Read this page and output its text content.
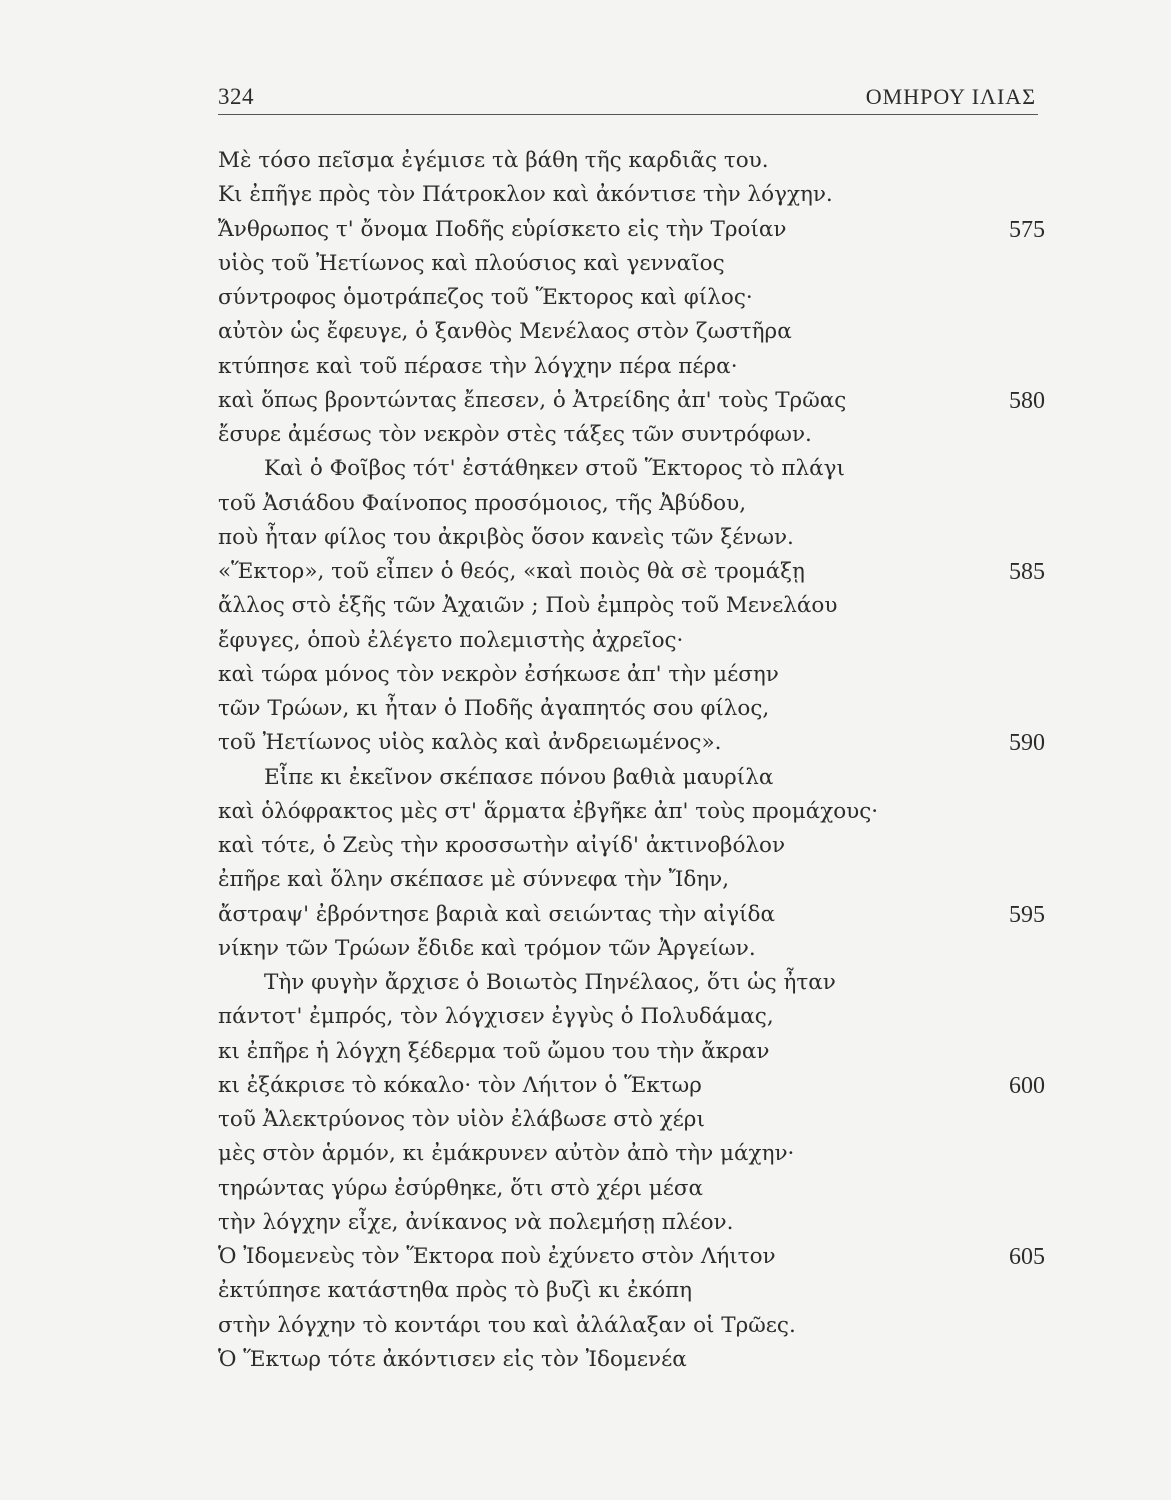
324	ΟΜΗΡΟΥ ΙΛΙΑΣ
Μὲ τόσο πεῖσμα ἐγέμισε τὰ βάθη τῆς καρδιᾶς του.
Κι ἐπῆγε πρὸς τὸν Πάτροκλον καὶ ἀκόντισε τὴν λόγχην.
Ἄνθρωπος τ' ὄνομα Ποδῆς εὑρίσκετο εἰς τὴν Τροίαν	575
υἱὸς τοῦ Ἠετίωνος καὶ πλούσιος καὶ γενναῖος
σύντροφος ὁμοτράπεζος τοῦ Ἕκτορος καὶ φίλος·
αὐτὸν ὡς ἔφευγε, ὁ ξανθὸς Μενέλαος στὸν ζωστῆρα
κτύπησε καὶ τοῦ πέρασε τὴν λόγχην πέρα πέρα·
καὶ ὅπως βροντώντας ἔπεσεν, ὁ Ἀτρείδης ἀπ' τοὺς Τρῶας	580
ἔσυρε ἀμέσως τὸν νεκρὸν στὲς τάξες τῶν συντρόφων.
Καὶ ὁ Φοῖβος τότ' ἐστάθηκεν στοῦ Ἕκτορος τὸ πλάγι
τοῦ Ἀσιάδου Φαίνοπος προσόμοιος, τῆς Ἀβύδου,
ποὺ ἦταν φίλος του ἀκριβὸς ὅσον κανεὶς τῶν ξένων.
«Ἕκτορ», τοῦ εἶπεν ὁ θεός, «καὶ ποιὸς θὰ σὲ τρομάξῃ	585
ἄλλος στὸ ἑξῆς τῶν Ἀχαιῶν ; Ποὺ ἐμπρὸς τοῦ Μενελάου
ἔφυγες, ὁποὺ ἐλέγετο πολεμιστὴς ἀχρεῖος·
καὶ τώρα μόνος τὸν νεκρὸν ἐσήκωσε ἀπ' τὴν μέσην
τῶν Τρώων, κι ἦταν ὁ Ποδῆς ἀγαπητός σου φίλος,
τοῦ Ἠετίωνος υἱὸς καλὸς καὶ ἀνδρειωμένος».	590
Εἶπε κι ἐκεῖνον σκέπασε πόνου βαθιὰ μαυρίλα
καὶ ὁλόφρακτος μὲς στ' ἅρματα ἐβγῆκε ἀπ' τοὺς προμάχους·
καὶ τότε, ὁ Ζεὺς τὴν κροσσωτὴν αἰγίδ' ἀκτινοβόλον
ἐπῆρε καὶ ὅλην σκέπασε μὲ σύννεφα τὴν Ἴδην,
ἄστραψ' ἐβρόντησε βαριὰ καὶ σειώντας τὴν αἰγίδα	595
νίκην τῶν Τρώων ἔδιδε καὶ τρόμον τῶν Ἀργείων.
Τὴν φυγὴν ἄρχισε ὁ Βοιωτὸς Πηνέλαος, ὅτι ὡς ἦταν
πάντοτ' ἐμπρός, τὸν λόγχισεν ἐγγὺς ὁ Πολυδάμας,
κι ἐπῆρε ἡ λόγχη ξέδερμα τοῦ ὤμου του τὴν ἄκραν
κι ἐξάκρισε τὸ κόκαλο· τὸν Λήιτον ὁ Ἕκτωρ	600
τοῦ Ἀλεκτρύονος τὸν υἱὸν ἐλάβωσε στὸ χέρι
μὲς στὸν ἁρμόν, κι ἐμάκρυνεν αὐτὸν ἀπὸ τὴν μάχην·
τηρώντας γύρω ἐσύρθηκε, ὅτι στὸ χέρι μέσα
τὴν λόγχην εἶχε, ἀνίκανος νὰ πολεμήσῃ πλέον.
Ὁ Ἰδομενεὺς τὸν Ἕκτορα ποὺ ἐχύνετο στὸν Λήιτον	605
ἐκτύπησε κατάστηθα πρὸς τὸ βυζὶ κι ἐκόπη
στὴν λόγχην τὸ κοντάρι του καὶ ἀλάλαξαν οἱ Τρῶες.
Ὁ Ἕκτωρ τότε ἀκόντισεν εἰς τὸν Ἰδομενέα
